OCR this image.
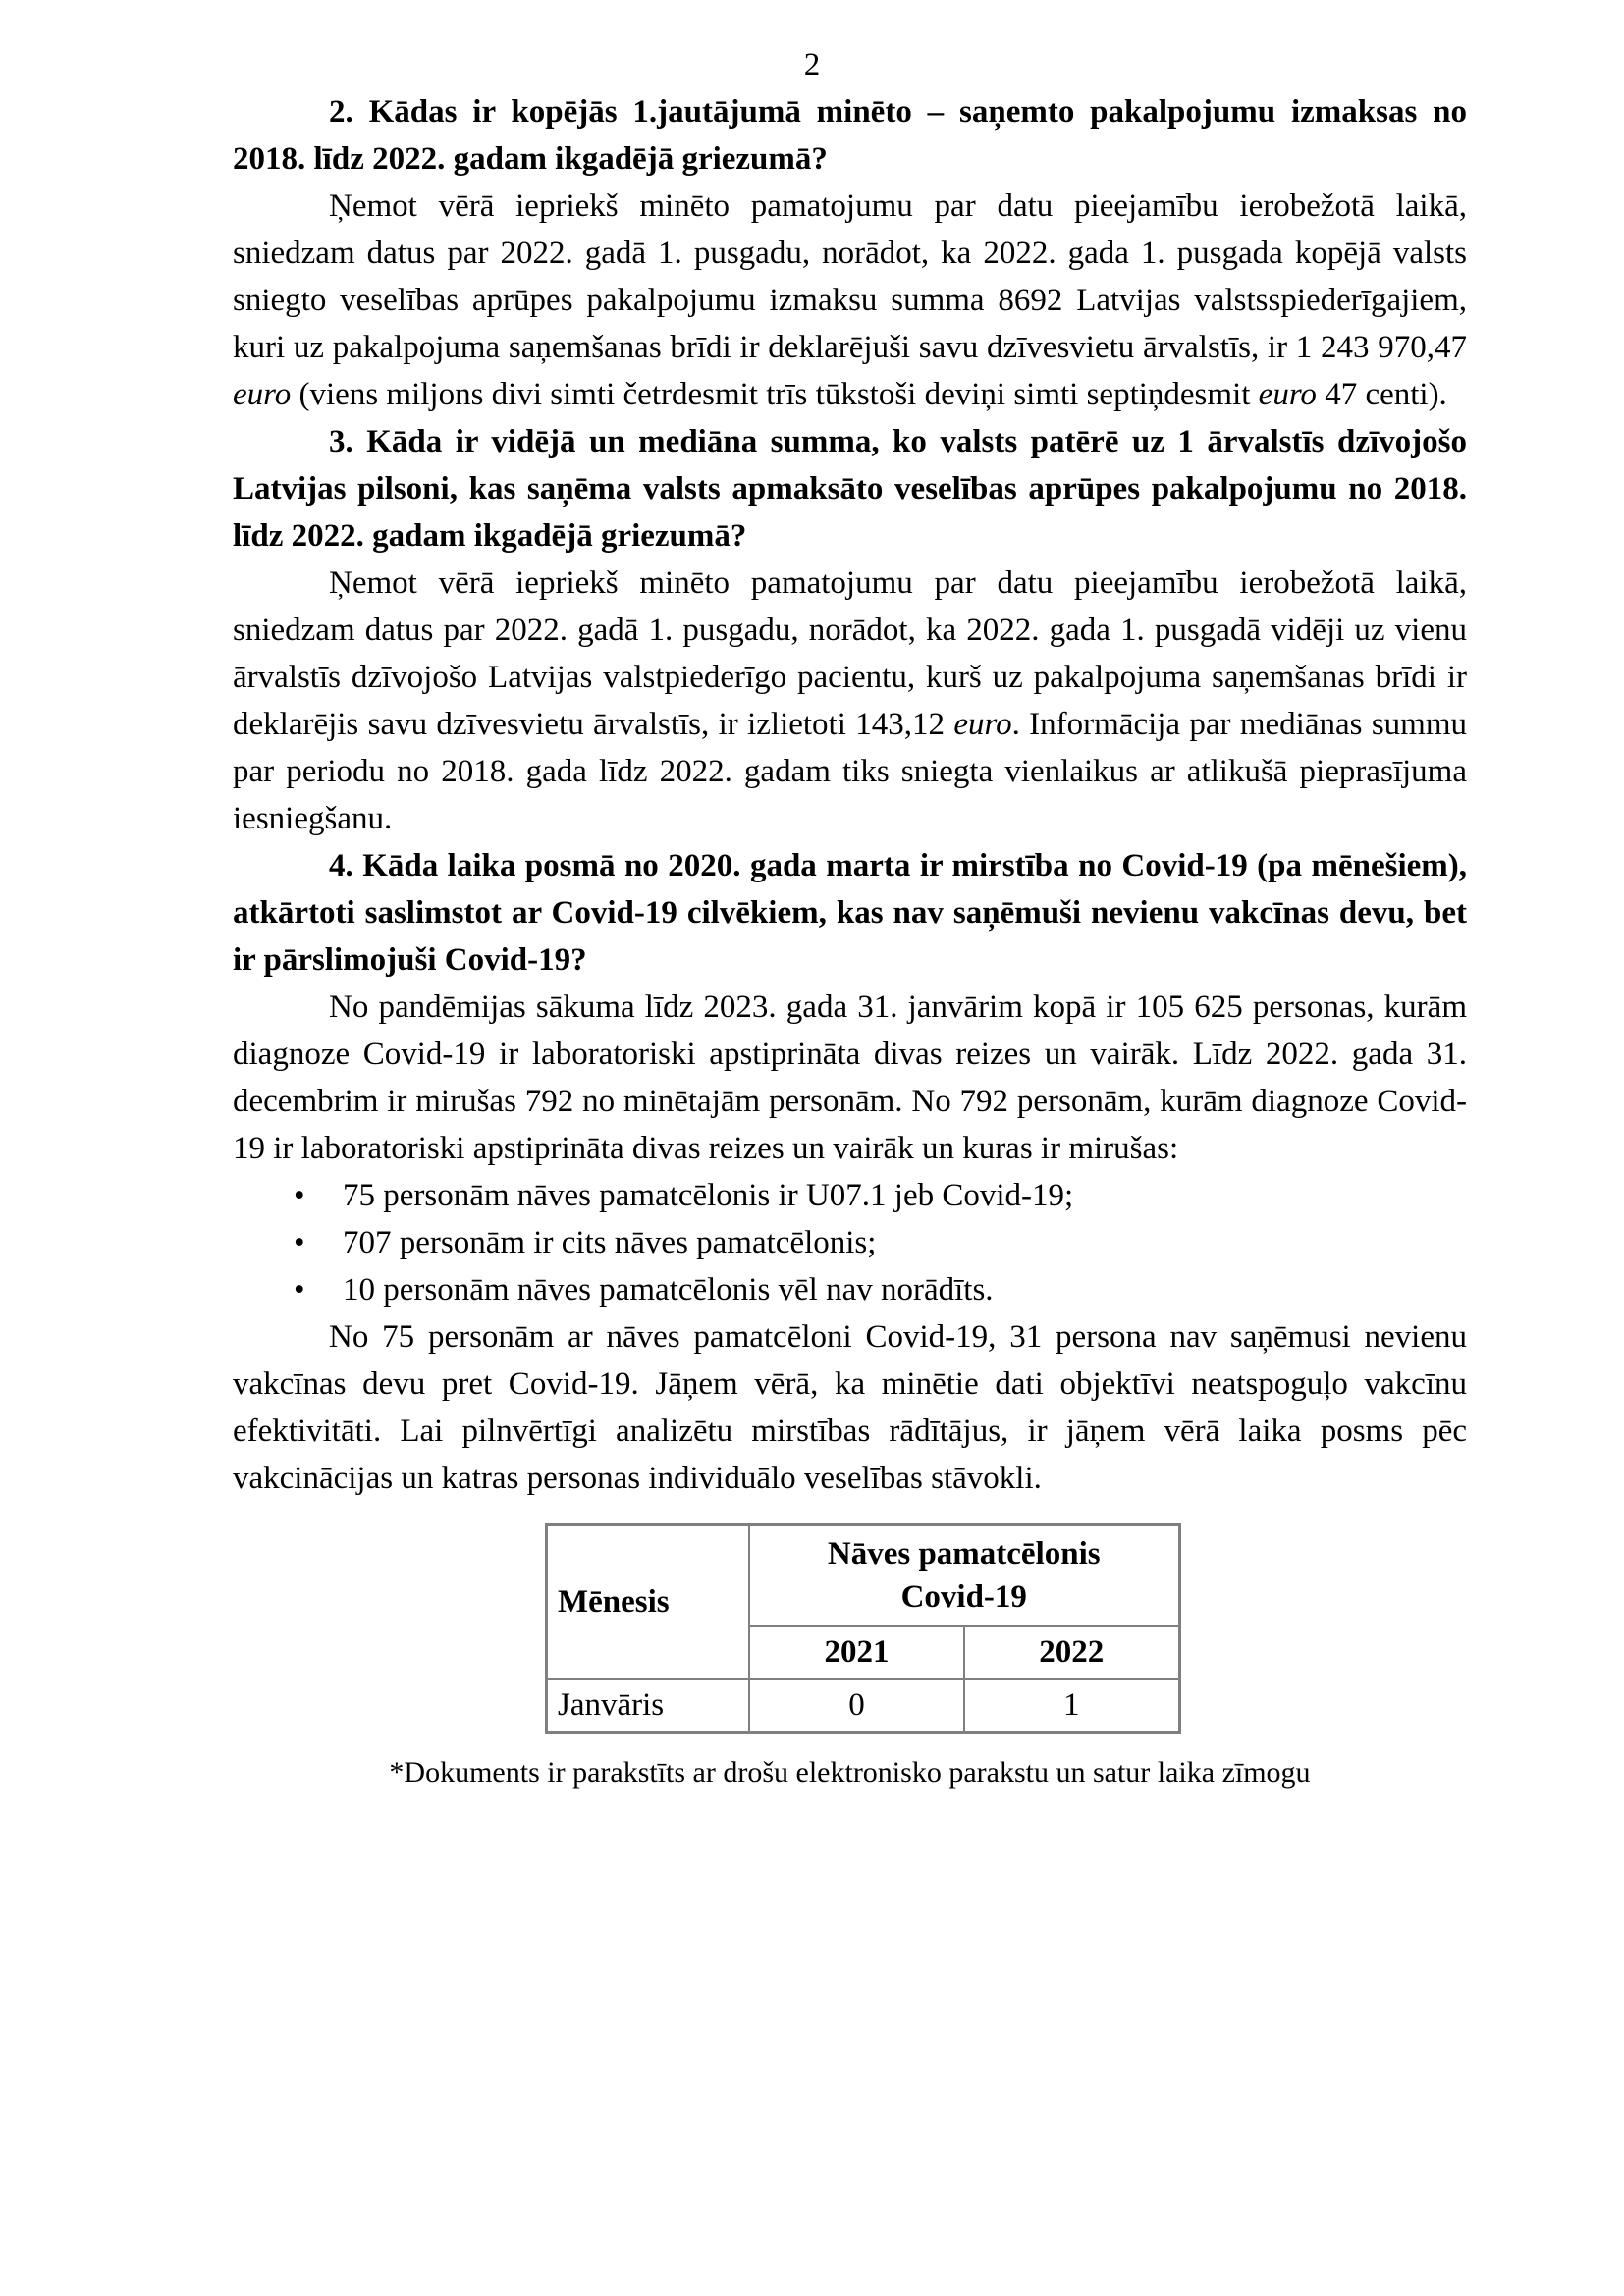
2

2. Kādas ir kopējās 1.jautājumā minēto – saņemto pakalpojumu izmaksas no 2018. līdz 2022. gadam ikgadējā griezumā?

Ņemot vērā iepriekš minēto pamatojumu par datu pieejamību ierobežotā laikā, sniedzam datus par 2022. gadā 1. pusgadu, norādot, ka 2022. gada 1. pusgada kopējā valsts sniegto veselības aprūpes pakalpojumu izmaksu summa 8692 Latvijas valstsspiederīgajiem, kuri uz pakalpojuma saņemšanas brīdi ir deklarējuši savu dzīvesvietu ārvalstīs, ir 1 243 970,47 euro (viens miljons divi simti četrdesmit trīs tūkstoši deviņi simti septiņdesmit euro 47 centi).

3. Kāda ir vidējā un mediāna summa, ko valsts patērē uz 1 ārvalstīs dzīvojošo Latvijas pilsoni, kas saņēma valsts apmaksāto veselības aprūpes pakalpojumu no 2018. līdz 2022. gadam ikgadējā griezumā?

Ņemot vērā iepriekš minēto pamatojumu par datu pieejamību ierobežotā laikā, sniedzam datus par 2022. gadā 1. pusgadu, norādot, ka 2022. gada 1. pusgadā vidēji uz vienu ārvalstīs dzīvojošo Latvijas valstpiederīgo pacientu, kurš uz pakalpojuma saņemšanas brīdi ir deklarējis savu dzīvesvietu ārvalstīs, ir izlietoti 143,12 euro. Informācija par mediānas summu par periodu no 2018. gada līdz 2022. gadam tiks sniegta vienlaikus ar atlikušā pieprasījuma iesniegšanu.

4. Kāda laika posmā no 2020. gada marta ir mirstība no Covid-19 (pa mēnešiem), atkārtoti saslimstot ar Covid-19 cilvēkiem, kas nav saņēmuši nevienu vakcīnas devu, bet ir pārslimojuši Covid-19?

No pandēmijas sākuma līdz 2023. gada 31. janvārim kopā ir 105 625 personas, kurām diagnoze Covid-19 ir laboratoriski apstiprināta divas reizes un vairāk. Līdz 2022. gada 31. decembrim ir mirušas 792 no minētajām personām. No 792 personām, kurām diagnoze Covid-19 ir laboratoriski apstiprināta divas reizes un vairāk un kuras ir mirušas:

• 75 personām nāves pamatcēlonis ir U07.1 jeb Covid-19;
• 707 personām ir cits nāves pamatcēlonis;
• 10 personām nāves pamatcēlonis vēl nav norādīts.

No 75 personām ar nāves pamatcēloni Covid-19, 31 persona nav saņēmusi nevienu vakcīnas devu pret Covid-19. Jāņem vērā, ka minētie dati objektīvi neatspoguļo vakcīnu efektivitāti. Lai pilnvērtīgi analizētu mirstības rādītājus, ir jāņem vērā laika posms pēc vakcinācijas un katras personas individuālo veselības stāvokli.

Mēnesis	Nāves pamatcēlonis Covid-19	
	2021	2022
Janvāris	0	1

*Dokuments ir parakstīts ar drošu elektronisko parakstu un satur laika zīmogu
